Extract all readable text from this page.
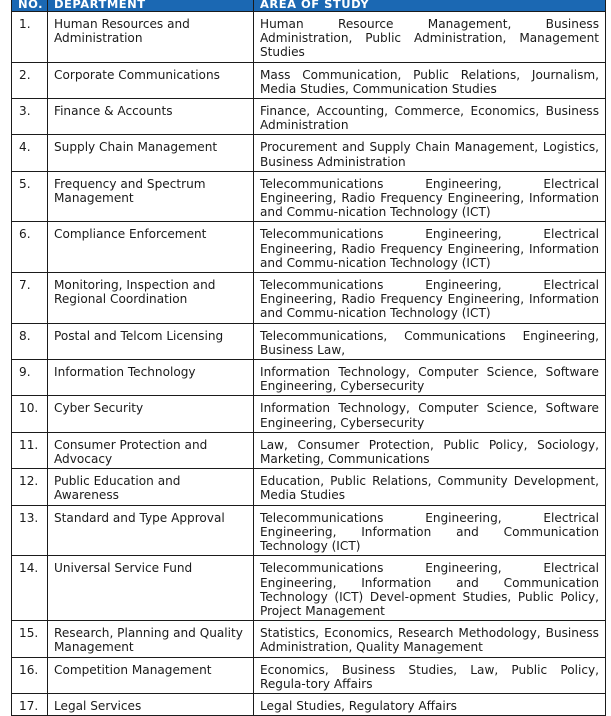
NO.	DEPARTMENT	AREA OF STUDY
1.	Human Resources and Administration	Human Resource Management, Business Administration, Public Administration, Management Studies
2.	Corporate Communications	Mass Communication, Public Relations, Journalism, Media Studies, Communication Studies
3.	Finance & Accounts	Finance, Accounting, Commerce, Economics, Business Administration
4.	Supply Chain Management	Procurement and Supply Chain Management, Logistics, Business Administration
5.	Frequency and Spectrum Management	Telecommunications Engineering, Electrical Engineering, Radio Frequency Engineering, Information and Commu-nication Technology (ICT)
6.	Compliance Enforcement	Telecommunications Engineering, Electrical Engineering, Radio Frequency Engineering, Information and Commu-nication Technology (ICT)
7.	Monitoring, Inspection and Regional Coordination	Telecommunications Engineering, Electrical Engineering, Radio Frequency Engineering, Information and Commu-nication Technology (ICT)
8.	Postal and Telcom Licensing	Telecommunications, Communications Engineering, Business Law,
9.	Information Technology	Information Technology, Computer Science, Software Engineering, Cybersecurity
10.	Cyber Security	Information Technology, Computer Science, Software Engineering, Cybersecurity
11.	Consumer Protection and Advocacy	Law, Consumer Protection, Public Policy, Sociology, Marketing, Communications
12.	Public Education and Awareness	Education, Public Relations, Community Development, Media Studies
13.	Standard and Type Approval	Telecommunications Engineering, Electrical Engineering, Information and Communication Technology (ICT)
14.	Universal Service Fund	Telecommunications Engineering, Electrical Engineering, Information and Communication Technology (ICT) Devel-opment Studies, Public Policy, Project Management
15.	Research, Planning and Quality Management	Statistics, Economics, Research Methodology, Business Administration, Quality Management
16.	Competition Management	Economics, Business Studies, Law, Public Policy, Regula-tory Affairs
17.	Legal Services	Legal Studies, Regulatory Affairs
